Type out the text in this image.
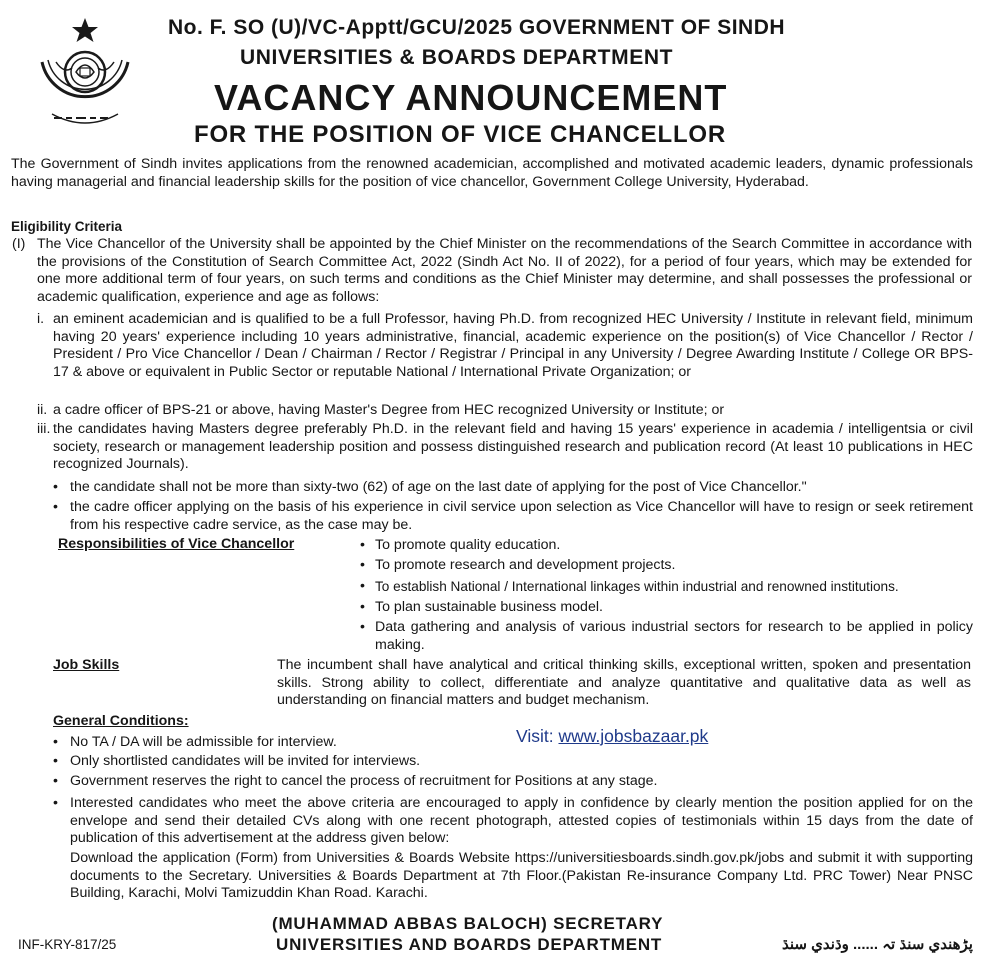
No. F. SO (U)/VC-Apptt/GCU/2025 GOVERNMENT OF SINDH
UNIVERSITIES & BOARDS DEPARTMENT
VACANCY ANNOUNCEMENT
FOR THE POSITION OF VICE CHANCELLOR
The Government of Sindh invites applications from the renowned academician, accomplished and motivated academic leaders, dynamic professionals having managerial and financial leadership skills for the position of vice chancellor, Government College University, Hyderabad.
Eligibility Criteria
(I) The Vice Chancellor of the University shall be appointed by the Chief Minister on the recommendations of the Search Committee in accordance with the provisions of the Constitution of Search Committee Act, 2022 (Sindh Act No. II of 2022), for a period of four years, which may be extended for one more additional term of four years, on such terms and conditions as the Chief Minister may determine, and shall possesses the professional or academic qualification, experience and age as follows:
i. an eminent academician and is qualified to be a full Professor, having Ph.D. from recognized HEC University / Institute in relevant field, minimum having 20 years' experience including 10 years administrative, financial, academic experience on the position(s) of Vice Chancellor / Rector / President / Pro Vice Chancellor / Dean / Chairman / Rector / Registrar / Principal in any University / Degree Awarding Institute / College OR BPS-17 & above or equivalent in Public Sector or reputable National / International Private Organization; or
ii. a cadre officer of BPS-21 or above, having Master's Degree from HEC recognized University or Institute; or
iii. the candidates having Masters degree preferably Ph.D. in the relevant field and having 15 years' experience in academia / intelligentsia or civil society, research or management leadership position and possess distinguished research and publication record (At least 10 publications in HEC recognized Journals).
• the candidate shall not be more than sixty-two (62) of age on the last date of applying for the post of Vice Chancellor."
• the cadre officer applying on the basis of his experience in civil service upon selection as Vice Chancellor will have to resign or seek retirement from his respective cadre service, as the case may be.
Responsibilities of Vice Chancellor	• To promote quality education.
• To promote research and development projects.
• To establish National / International linkages within industrial and renowned institutions.
• To plan sustainable business model.
• Data gathering and analysis of various industrial sectors for research to be applied in policy making.
Job Skills	The incumbent shall have analytical and critical thinking skills, exceptional written, spoken and presentation skills. Strong ability to collect, differentiate and analyze quantitative and qualitative data as well as understanding on financial matters and budget mechanism.
General Conditions:
Visit: www.jobsbazaar.pk
• No TA / DA will be admissible for interview.
• Only shortlisted candidates will be invited for interviews.
• Government reserves the right to cancel the process of recruitment for Positions at any stage.
• Interested candidates who meet the above criteria are encouraged to apply in confidence by clearly mention the position applied for on the envelope and send their detailed CVs along with one recent photograph, attested copies of testimonials within 15 days from the date of publication of this advertisement at the address given below:
Download the application (Form) from Universities & Boards Website https://universitiesboards.sindh.gov.pk/jobs and submit it with supporting documents to the Secretary. Universities & Boards Department at 7th Floor.(Pakistan Re-insurance Company Ltd. PRC Tower) Near PNSC Building, Karachi, Molvi Tamizuddin Khan Road. Karachi.
(MUHAMMAD ABBAS BALOCH) SECRETARY
UNIVERSITIES AND BOARDS DEPARTMENT
INF-KRY-817/25	پڑھندي سنڌ تہ ...... وڌندي سنڌ
